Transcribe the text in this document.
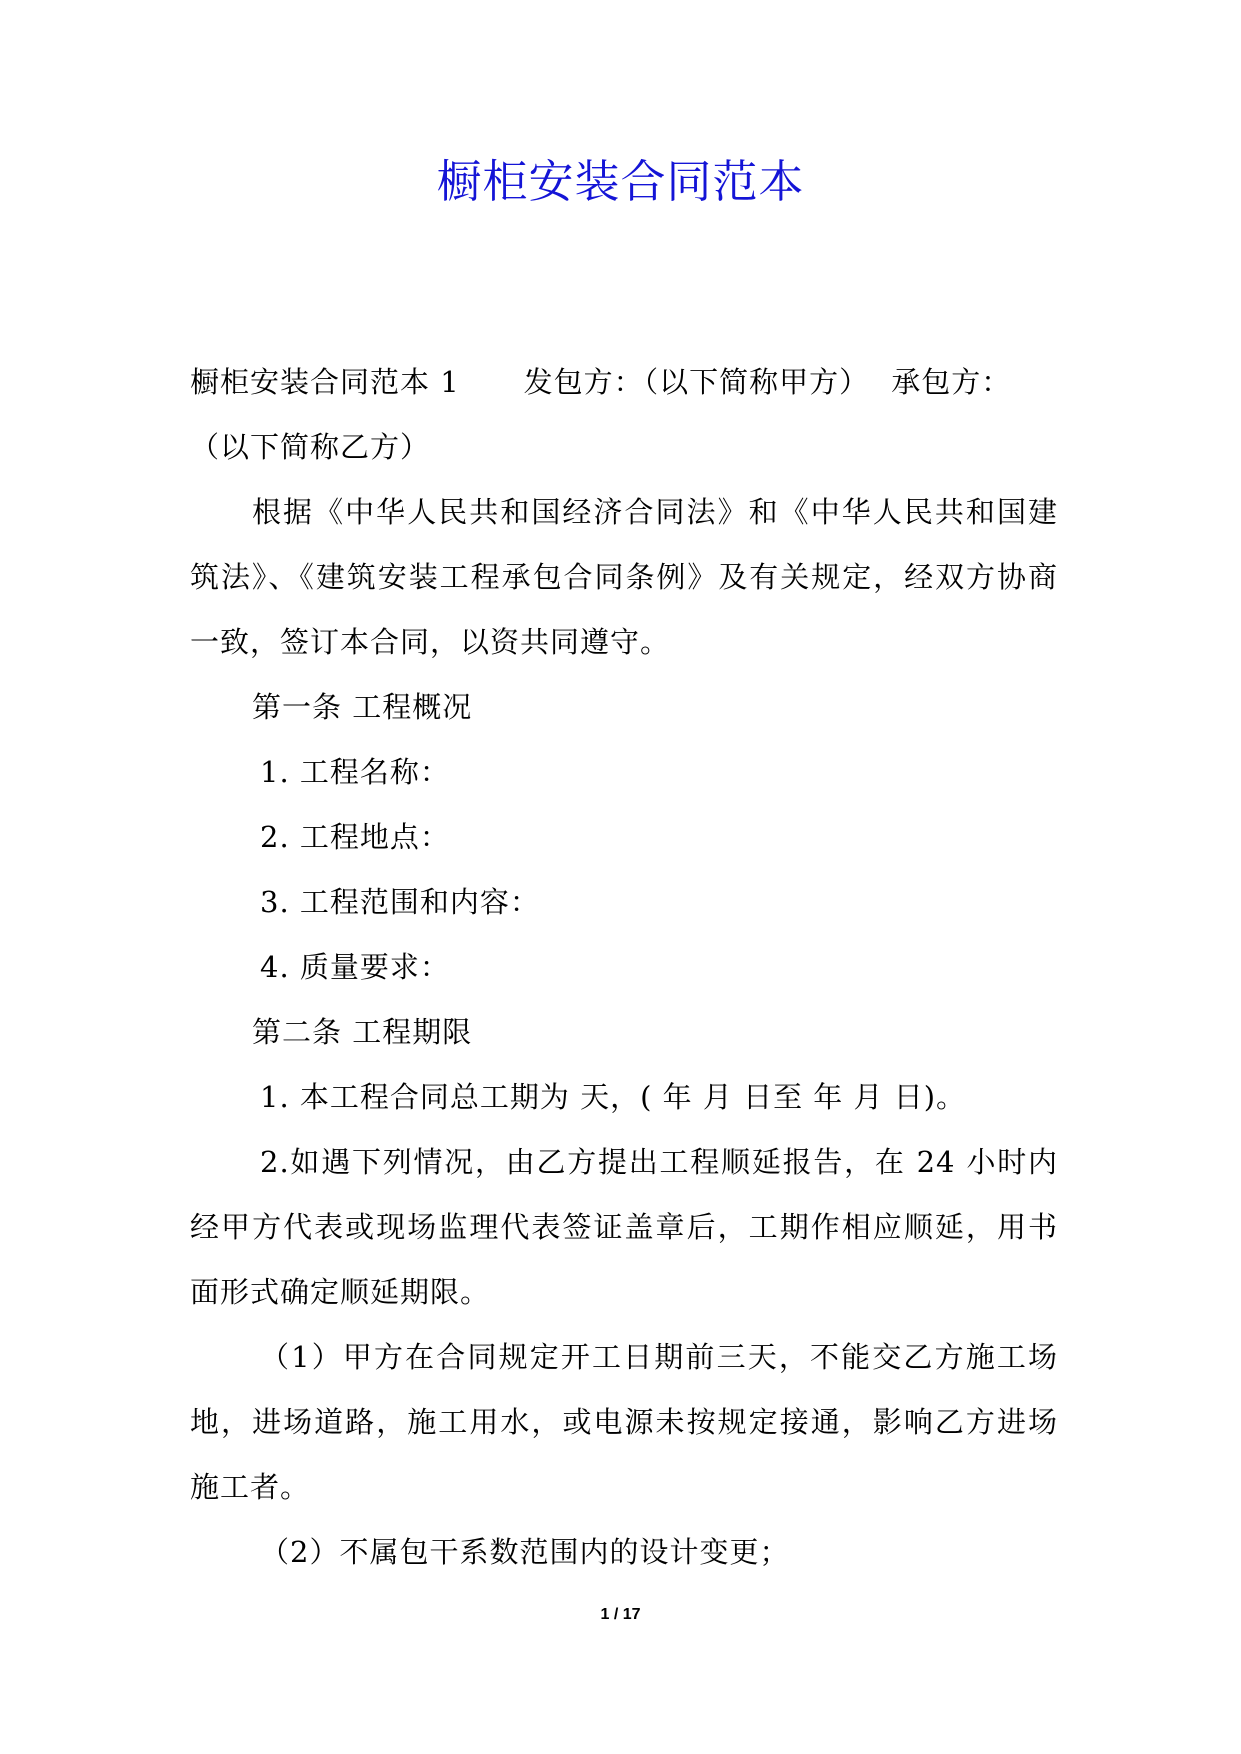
橱柜安装合同范本

橱柜安装合同范本 1 发包方：（以下简称甲方） 承包方：
（以下简称乙方）

根据《中华人民共和国经济合同法》和《中华人民共和国建筑法》、《建筑安装工程承包合同条例》及有关规定，经双方协商一致，签订本合同，以资共同遵守。

第一条 工程概况

1. 工程名称：

2. 工程地点：

3. 工程范围和内容：

4. 质量要求：

第二条 工程期限

1. 本工程合同总工期为 天，( 年 月 日至 年 月 日)。

2.如遇下列情况，由乙方提出工程顺延报告，在 24 小时内经甲方代表或现场监理代表签证盖章后，工期作相应顺延，用书面形式确定顺延期限。

（1）甲方在合同规定开工日期前三天，不能交乙方施工场地，进场道路，施工用水，或电源未按规定接通，影响乙方进场施工者。

（2）不属包干系数范围内的设计变更；

1 / 17
